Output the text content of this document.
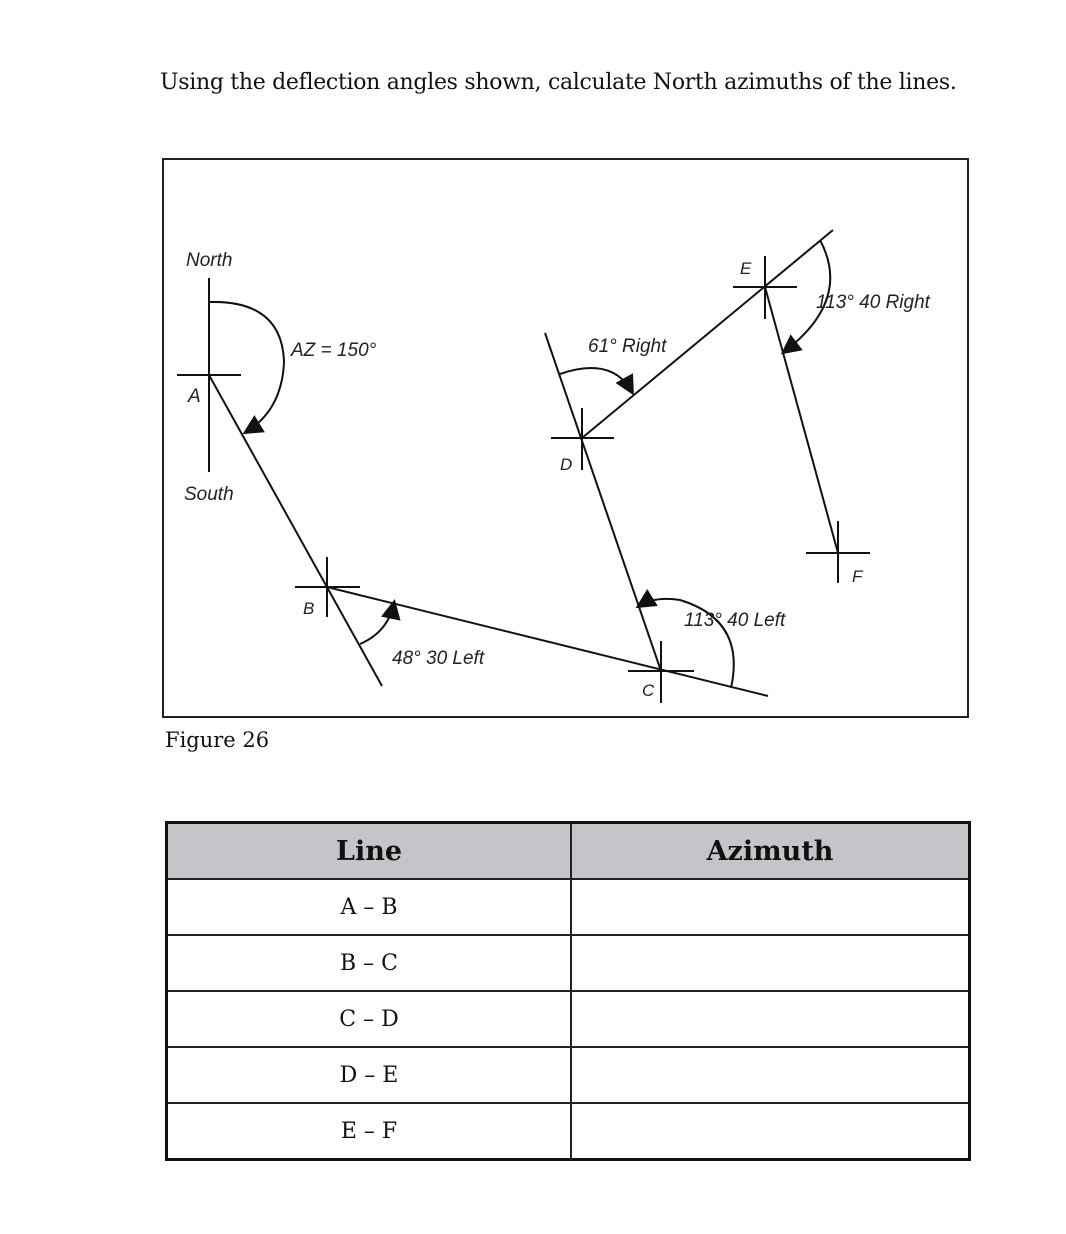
Using the deflection angles shown, calculate North azimuths of the lines.
North
South
A
B
C
D
E
F
AZ = 150°
48° 30 Left
113° 40 Left
61° Right
113° 40 Right
Figure 26
Line	Azimuth
A – B	
B – C	
C – D	
D – E	
E – F	
